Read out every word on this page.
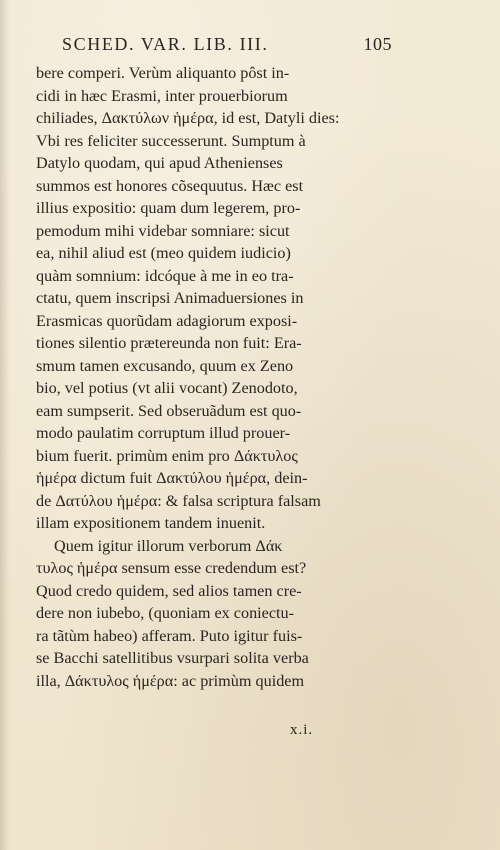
SCHED. VAR. LIB. III.	105
bere comperi. Verùm aliquanto pôst in-
cidi in hæc Erasmi, inter prouerbiorum
chiliades, Δακτύλων ἡμέρα, id est, Datyli dies:
Vbi res feliciter successerunt. Sumptum à
Datylo quodam, qui apud Athenienses
summos est honores cõsequutus. Hæc est
illius expositio: quam dum legerem, pro-
pemodum mihi videbar somniare: sicut
ea, nihil aliud est (meo quidem iudicio)
quàm somnium: idcóque à me in eo tra-
ctatu, quem inscripsi Animaduersiones in
Erasmicas quorũdam adagiorum exposi-
tiones silentio prætereunda non fuit: Era-
smum tamen excusando, quum ex Zeno
bio, vel potius (vt alii vocant) Zenodoto,
eam sumpserit. Sed obseruãdum est quo-
modo paulatim corruptum illud prouer-
bium fuerit. primùm enim pro Δάκτυλος
ἡμέρα dictum fuit Δακτύλου ἡμέρα, dein-
de Δατύλου ἡμέρα: & falsa scriptura falsam
illam expositionem tandem inuenit.
Quem igitur illorum verborum Δάκ
τυλος ἡμέρα sensum esse credendum est?
Quod credo quidem, sed alios tamen cre-
dere non iubebo, (quoniam ex coniectu-
ra tãtùm habeo) afferam. Puto igitur fuis-
se Bacchi satellitibus vsurpari solita verba
illa, Δάκτυλος ἡμέρα: ac primùm quidem
x.i.
